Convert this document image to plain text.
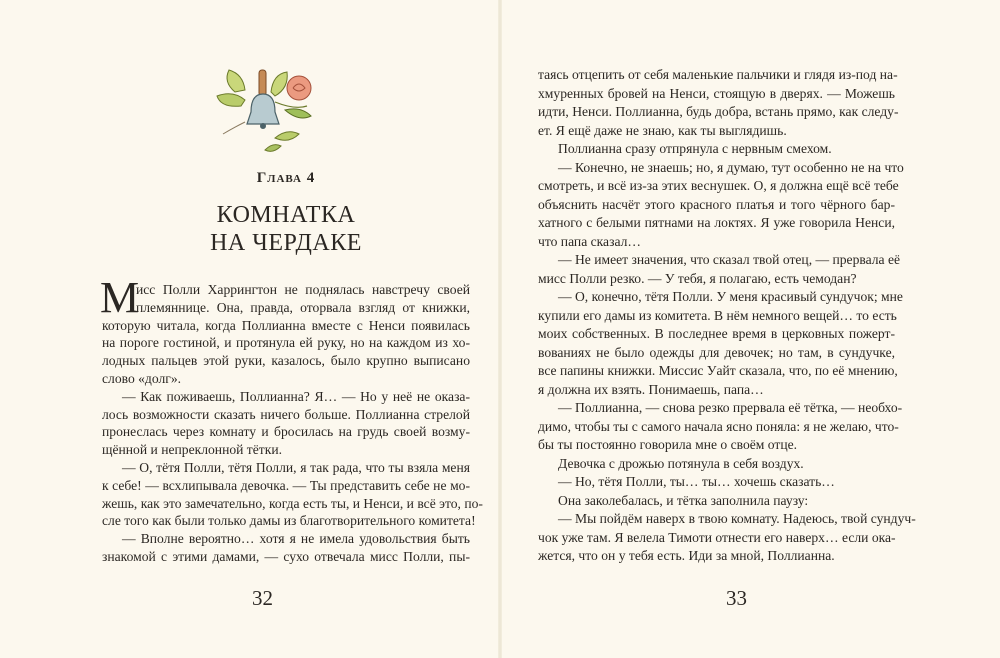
Глава 4
КОМНАТКА
НА ЧЕРДАКЕ
М
исс Полли Харрингтон не поднялась навстречу своей
племяннице. Она, правда, оторвала взгляд от книжки,
которую читала, когда Поллианна вместе с Ненси появилась
на пороге гостиной, и протянула ей руку, но на каждом из хо-
лодных пальцев этой руки, казалось, было крупно выписано
слово «долг».
— Как поживаешь, Поллианна? Я… — Но у неё не оказа-
лось возможности сказать ничего больше. Поллианна стрелой
пронеслась через комнату и бросилась на грудь своей возму-
щённой и непреклонной тётки.
— О, тётя Полли, тётя Полли, я так рада, что ты взяла меня
к себе! — всхлипывала девочка. — Ты представить себе не мо-
жешь, как это замечательно, когда есть ты, и Ненси, и всё это, по-
сле того как были только дамы из благотворительного комитета!
— Вполне вероятно… хотя я не имела удовольствия быть
знакомой с этими дамами, — сухо отвечала мисс Полли, пы-
32
таясь отцепить от себя маленькие пальчики и глядя из-под на-
хмуренных бровей на Ненси, стоящую в дверях. — Можешь
идти, Ненси. Поллианна, будь добра, встань прямо, как следу-
ет. Я ещё даже не знаю, как ты выглядишь.
Поллианна сразу отпрянула с нервным смехом.
— Конечно, не знаешь; но, я думаю, тут особенно не на что
смотреть, и всё из-за этих веснушек. О, я должна ещё всё тебе
объяснить насчёт этого красного платья и того чёрного бар-
хатного с белыми пятнами на локтях. Я уже говорила Ненси,
что папа сказал…
— Не имеет значения, что сказал твой отец, — прервала её
мисс Полли резко. — У тебя, я полагаю, есть чемодан?
— О, конечно, тётя Полли. У меня красивый сундучок; мне
купили его дамы из комитета. В нём немного вещей… то есть
моих собственных. В последнее время в церковных пожерт-
вованиях не было одежды для девочек; но там, в сундучке,
все папины книжки. Миссис Уайт сказала, что, по её мнению,
я должна их взять. Понимаешь, папа…
— Поллианна, — снова резко прервала её тётка, — необхо-
димо, чтобы ты с самого начала ясно поняла: я не желаю, что-
бы ты постоянно говорила мне о своём отце.
Девочка с дрожью потянула в себя воздух.
— Но, тётя Полли, ты… ты… хочешь сказать…
Она заколебалась, и тётка заполнила паузу:
— Мы пойдём наверх в твою комнату. Надеюсь, твой сундуч-
чок уже там. Я велела Тимоти отнести его наверх… если ока-
жется, что он у тебя есть. Иди за мной, Поллианна.
33
